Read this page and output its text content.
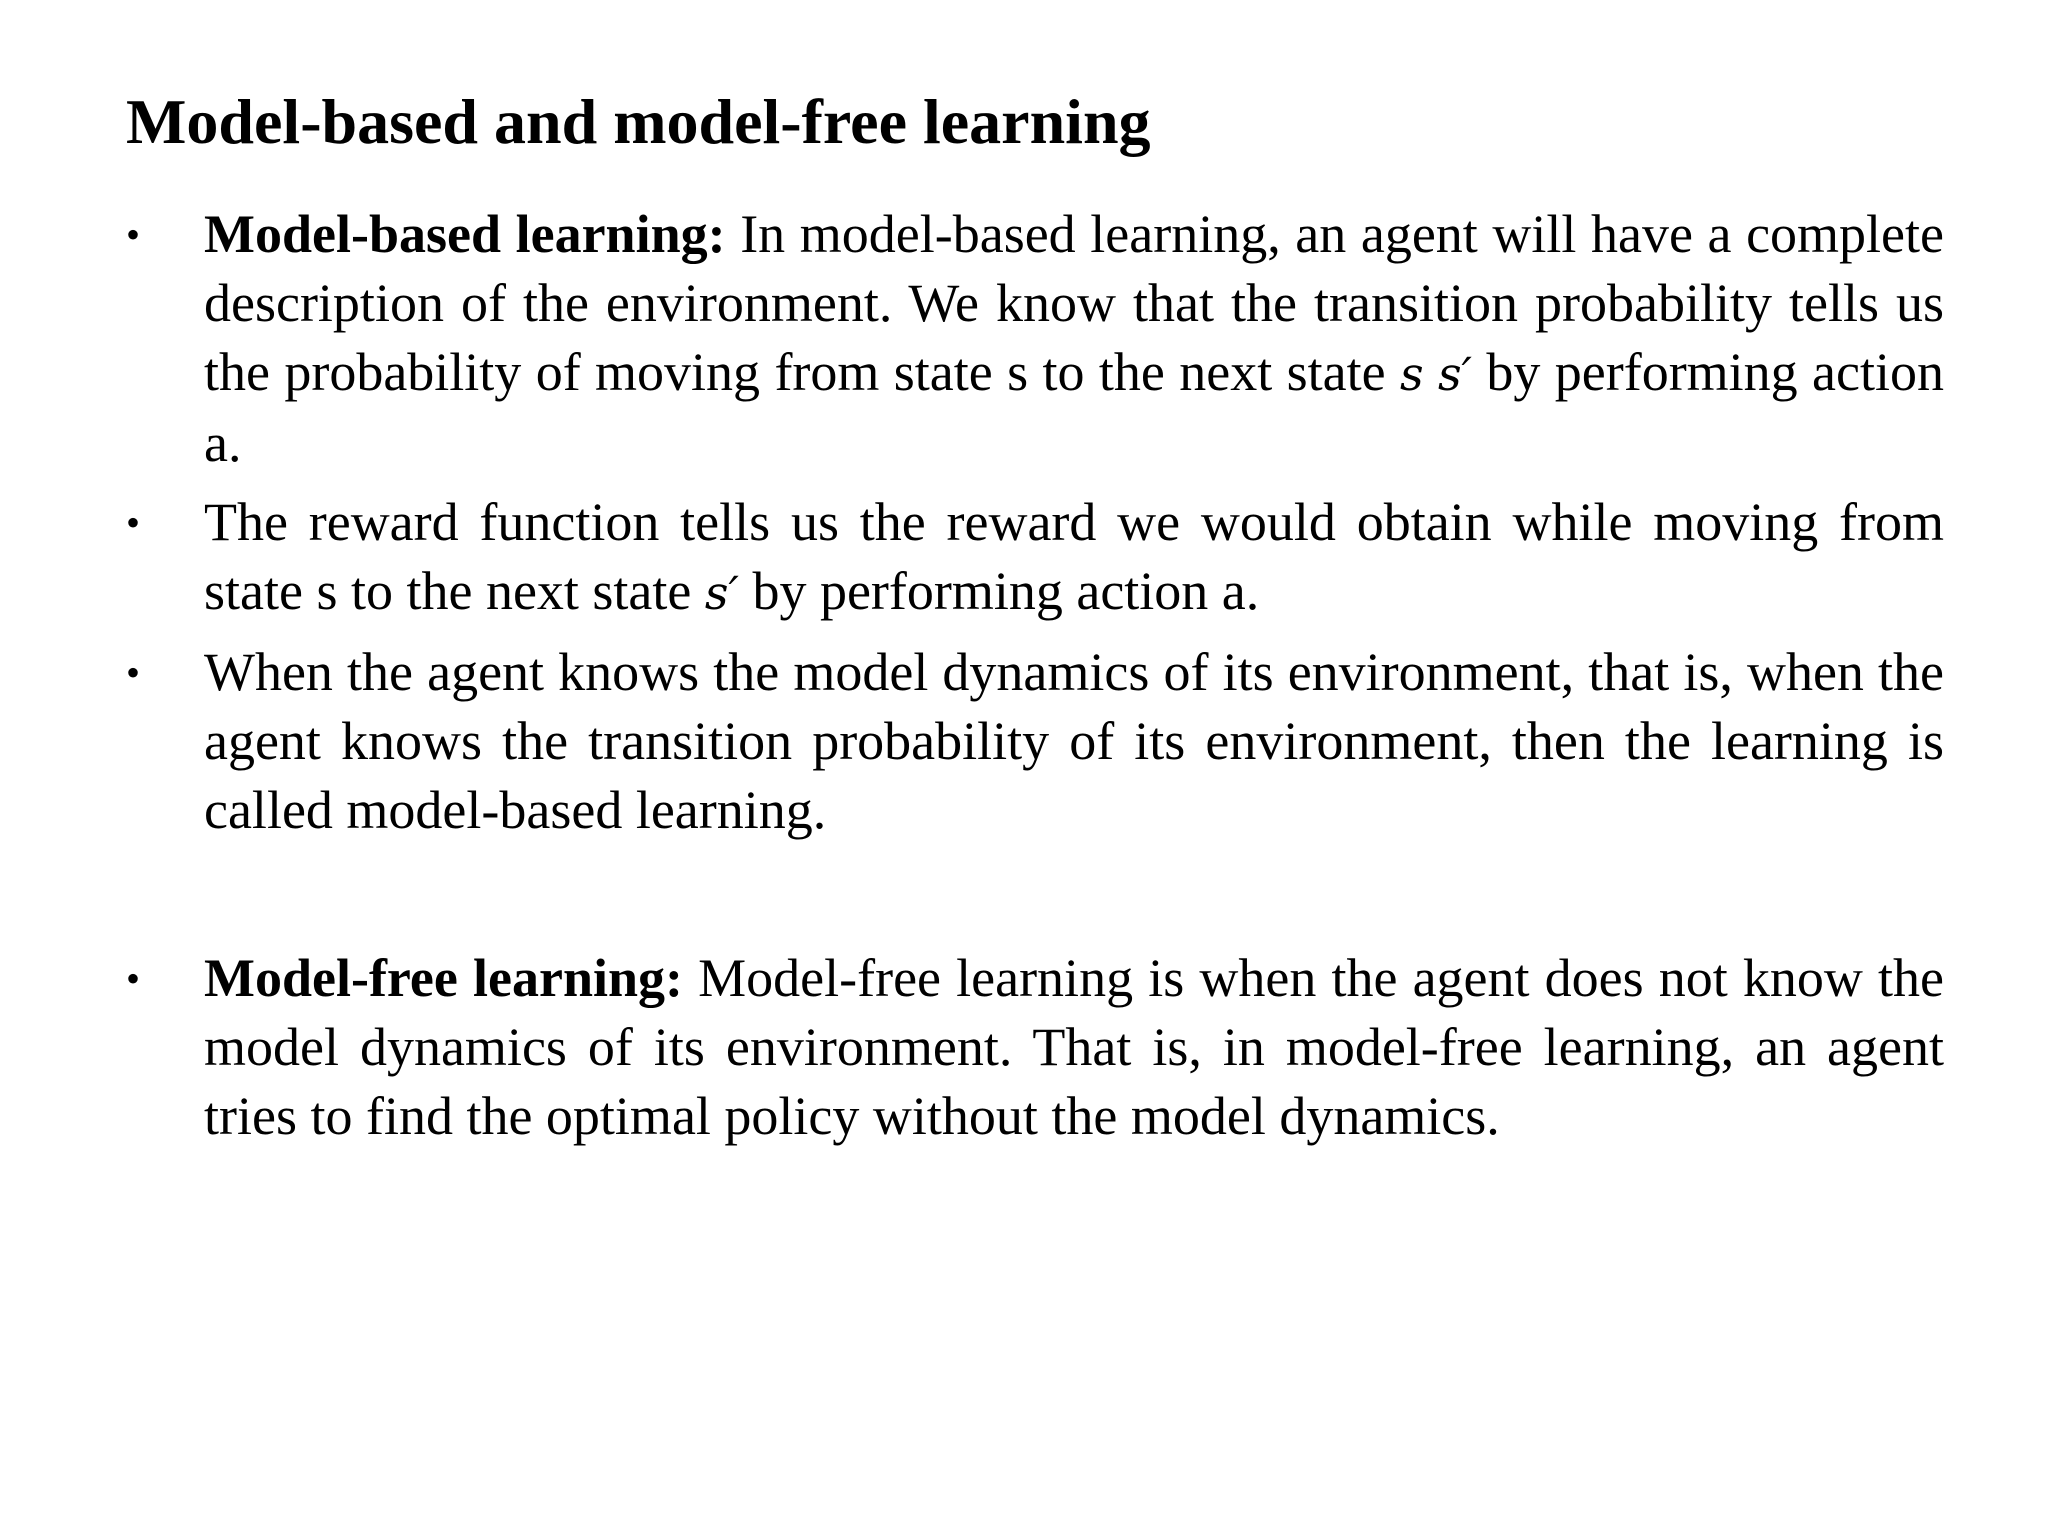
Model-based and model-free learning
• Model-based learning: In model-based learning, an agent will have a complete description of the environment. We know that the transition probability tells us the probability of moving from state s to the next state s s′ by performing action a.
• The reward function tells us the reward we would obtain while moving from state s to the next state s′ by performing action a.
• When the agent knows the model dynamics of its environment, that is, when the agent knows the transition probability of its environment, then the learning is called model-based learning.
• Model-free learning: Model-free learning is when the agent does not know the model dynamics of its environment. That is, in model-free learning, an agent tries to find the optimal policy without the model dynamics.
